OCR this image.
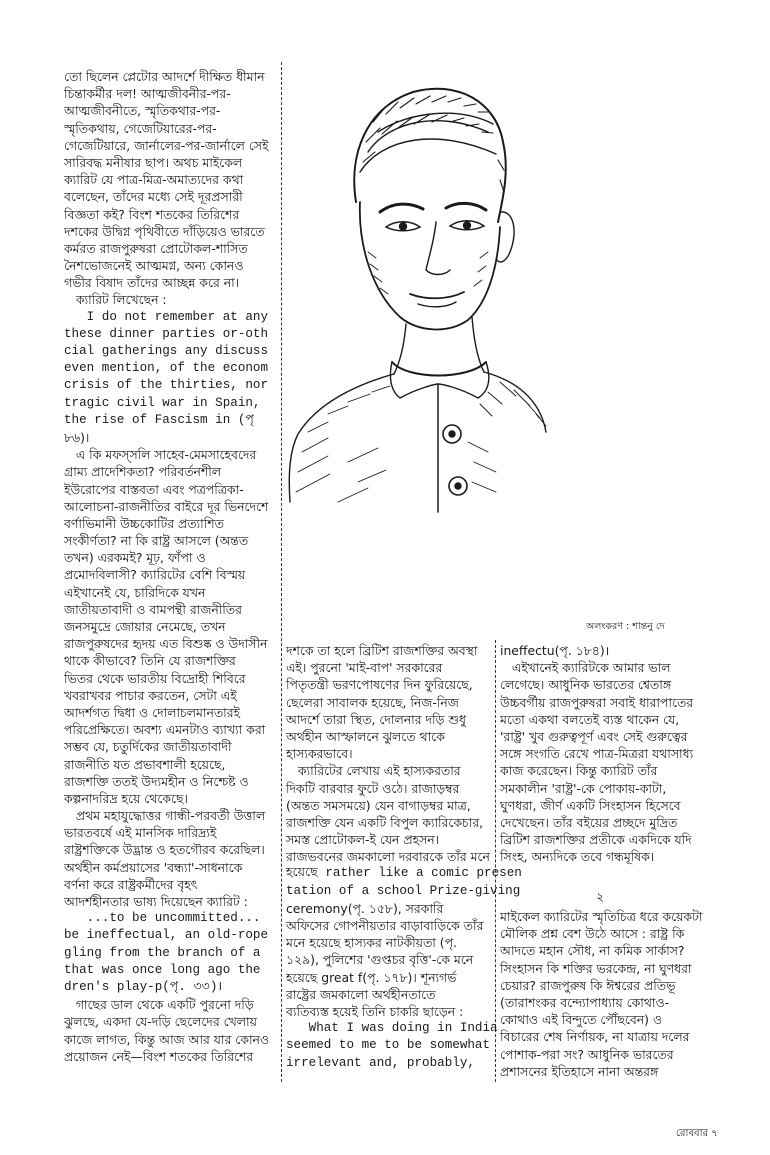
অলংকরণ : শান্তনু দে
তো ছিলেন প্লেটোর আদর্শে দীক্ষিত ধীমান
চিন্তাকর্মীর দল! আত্মজীবনীর-পর-
আত্মজীবনীতে, স্মৃতিকথার-পর-
স্মৃতিকথায়, গেজেটিয়ারের-পর-
গেজেটিয়ারে, জার্নালের-পর-জার্নালে সেই
সারিবদ্ধ মনীষার ছাপ। অথচ মাইকেল
ক্যারিট যে পাত্র-মিত্র-অমাত্যদের কথা
বলেছেন, তাঁদের মধ্যে সেই দূরপ্রসারী
বিজ্ঞতা কই? বিংশ শতকের তিরিশের
দশকের উদ্বিগ্ন পৃথিবীতে দাঁড়িয়েও ভারতে
কর্মরত রাজপুরুষরা প্রোটোকল-শাসিত
নৈশভোজনেই আত্মমগ্ন, অন্য কোনও
গভীর বিষাদ তাঁদের আচ্ছন্ন করে না।
ক্যারিট লিখেছেন :
I do not remember at any
these dinner parties or-oth
cial gatherings any discuss
even mention, of the econom
crisis of the thirties, nor
tragic civil war in Spain,
the rise of Fascism in (পৃ
৮৬)।
এ কি মফস্সলি সাহেব-মেমসাহেবদের
গ্রাম্য প্রাদেশিকতা? পরিবর্তনশীল
ইউরোপের বাস্তবতা এবং পত্রপত্রিকা-
আলোচনা-রাজনীতির বাইরে দূর ভিনদেশে
বর্ণাভিমানী উচ্চকোটির প্রত্যাশিত
সংকীর্ণতা? না কি রাষ্ট্র আসলে (অন্তত
তখন) এরকমই? মূঢ়, ফাঁপা ও
প্রমোদবিলাসী? ক্যারিটের বেশি বিস্ময়
এইখানেই যে, চারিদিকে যখন
জাতীয়তাবাদী ও বামপন্থী রাজনীতির
জনসমুদ্রে জোয়ার নেমেছে, তখন
রাজপুরুষদের হৃদয় এত বিশুষ্ক ও উদাসীন
থাকে কীভাবে? তিনি যে রাজশক্তির
ভিতর থেকে ভারতীয় বিদ্রোহী শিবিরে
খবরাখবর পাচার করতেন, সেটা এই
আদর্শগত দ্বিধা ও দোলাচলমানতারই
পরিপ্রেক্ষিতে। অবশ্য এমনটাও ব্যাখ্যা করা
সম্ভব যে, চতুর্দিকের জাতীয়তাবাদী
রাজনীতি যত প্রভাবশালী হয়েছে,
রাজশক্তি ততই উদ্যমহীন ও নিশ্চেষ্ট ও
কল্পনাদরিদ্র হয়ে থেকেছে।
প্রথম মহাযুদ্ধোত্তর গান্ধী-পরবর্তী উত্তাল
ভারতবর্ষে এই মানসিক দারিদ্র্যই
রাষ্ট্রশক্তিকে উদ্ভ্রান্ত ও হতগৌরব করেছিল।
অর্থহীন কর্মপ্রয়াসের 'বন্ধ্যা'-সাধনাকে
বর্ণনা করে রাষ্ট্রকর্মীদের বৃহৎ
আদর্শহীনতার ভাষ্য দিয়েছেন ক্যারিট :
...to be uncommitted...
be ineffectual, an old-rope
gling from the branch of a
that was once long ago the
dren's play-p(পৃ. ৩৩)।
গাছের ডাল থেকে একটি পুরনো দড়ি
ঝুলছে, একদা যে-দড়ি ছেলেদের খেলায়
কাজে লাগত, কিন্তু আজ আর যার কোনও
প্রয়োজন নেই—বিংশ শতকের তিরিশের
দশকে তা হলে ব্রিটিশ রাজশক্তির অবস্থা
এই। পুরনো 'মাই-বাপ' সরকারের
পিতৃতন্ত্রী ভরণপোষণের দিন ফুরিয়েছে,
ছেলেরা সাবালক হয়েছে, নিজ-নিজ
আদর্শে তারা স্থিত, দোলনার দড়ি শুধু
অর্থহীন আস্ফালনে ঝুলতে থাকে
হাস্যকরভাবে।
ক্যারিটের লেখায় এই হাস্যকরতার
দিকটি বারবার ফুটে ওঠে। রাজাড়ম্বর
(অন্তত সমসময়ে) যেন বাগাড়ম্বর মাত্র,
রাজশক্তি যেন একটি বিপুল ক্যারিকেচার,
সমস্ত প্রোটোকল-ই যেন প্রহসন।
রাজভবনের জমকালো দরবারকে তাঁর মনে
হয়েছে rather like a comic presen
tation of a school Prize-giving
ceremony(পৃ. ১৫৮), সরকারি
অফিসের গোপনীয়তার বাড়াবাড়িকে তাঁর
মনে হয়েছে হাস্যকর নাটকীয়তা (পৃ.
১২৯), পুলিশের 'গুপ্তচর বৃত্তি'-কে মনে
হয়েছে great f(পৃ. ১৭৮)। শূন্যগর্ভ
রাষ্ট্রের জমকালো অর্থহীনতাতে
ব্যতিব্যস্ত হয়েই তিনি চাকরি ছাড়েন :
What I was doing in India
seemed to me to be somewhat
irrelevant and, probably,
ineffectu(পৃ. ১৮৪)।
এইখানেই ক্যারিটকে আমার ভাল
লেগেছে। আধুনিক ভারতের শ্বেতাঙ্গ
উচ্চবর্গীয় রাজপুরুষরা সবাই ধারাপাতের
মতো একথা বলতেই ব্যস্ত থাকেন যে,
'রাষ্ট্র' খুব গুরুত্বপূর্ণ এবং সেই গুরুত্বের
সঙ্গে সংগতি রেখে পাত্র-মিত্ররা যথাসাধ্য
কাজ করেছেন। কিন্তু ক্যারিট তাঁর
সমকালীন 'রাষ্ট্র'-কে পোকায়-কাটা,
ঘুণধরা, জীর্ণ একটি সিংহাসন হিসেবে
দেখেছেন। তাঁর বইয়ের প্রচ্ছদে মুদ্রিত
ব্রিটিশ রাজশক্তির প্রতীকে একদিকে যদি
সিংহ, অন্যদিকে তবে গন্ধমূষিক।
২
মাইকেল ক্যারিটের স্মৃতিচিত্র ধরে কয়েকটা
মৌলিক প্রশ্ন বেশ উঠে আসে : রাষ্ট্র কি
আদতে মহান সৌধ, না কমিক সার্কাস?
সিংহাসন কি শক্তির ভরকেন্দ্র, না ঘুণধরা
চেয়ার? রাজপুরুষ কি ঈশ্বরের প্রতিভূ
(তারাশংকর বন্দ্যোপাধ্যায় কোথাও-
কোথাও এই বিন্দুতে পৌঁছবেন) ও
বিচারের শেষ নির্ণায়ক, না যাত্রায় দলের
পোশাক-পরা সং? আধুনিক ভারতের
প্রশাসনের ইতিহাসে নানা অন্তরঙ্গ
রোববার ৭
